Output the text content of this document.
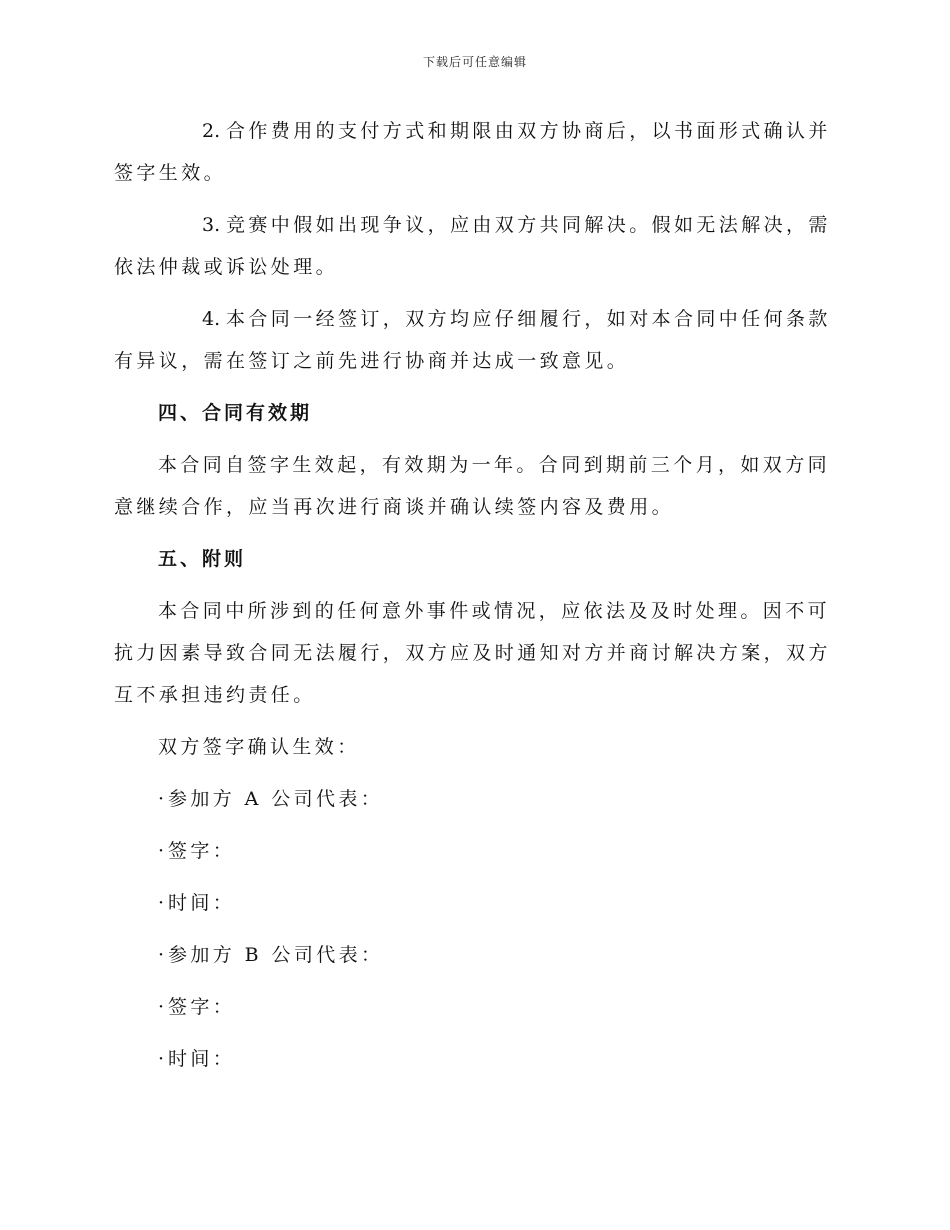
下载后可任意编辑

2. 合作费用的支付方式和期限由双方协商后，以书面形式确认并签字生效。

3. 竞赛中假如出现争议，应由双方共同解决。假如无法解决，需依法仲裁或诉讼处理。

4. 本合同一经签订，双方均应仔细履行，如对本合同中任何条款有异议，需在签订之前先进行协商并达成一致意见。

四、合同有效期

本合同自签字生效起，有效期为一年。合同到期前三个月，如双方同意继续合作，应当再次进行商谈并确认续签内容及费用。

五、附则

本合同中所涉到的任何意外事件或情况，应依法及及时处理。因不可抗力因素导致合同无法履行，双方应及时通知对方并商讨解决方案，双方互不承担违约责任。

双方签字确认生效：
· 参加方 A 公司代表：
· 签字：
· 时间：
· 参加方 B 公司代表：
· 签字：
· 时间：
